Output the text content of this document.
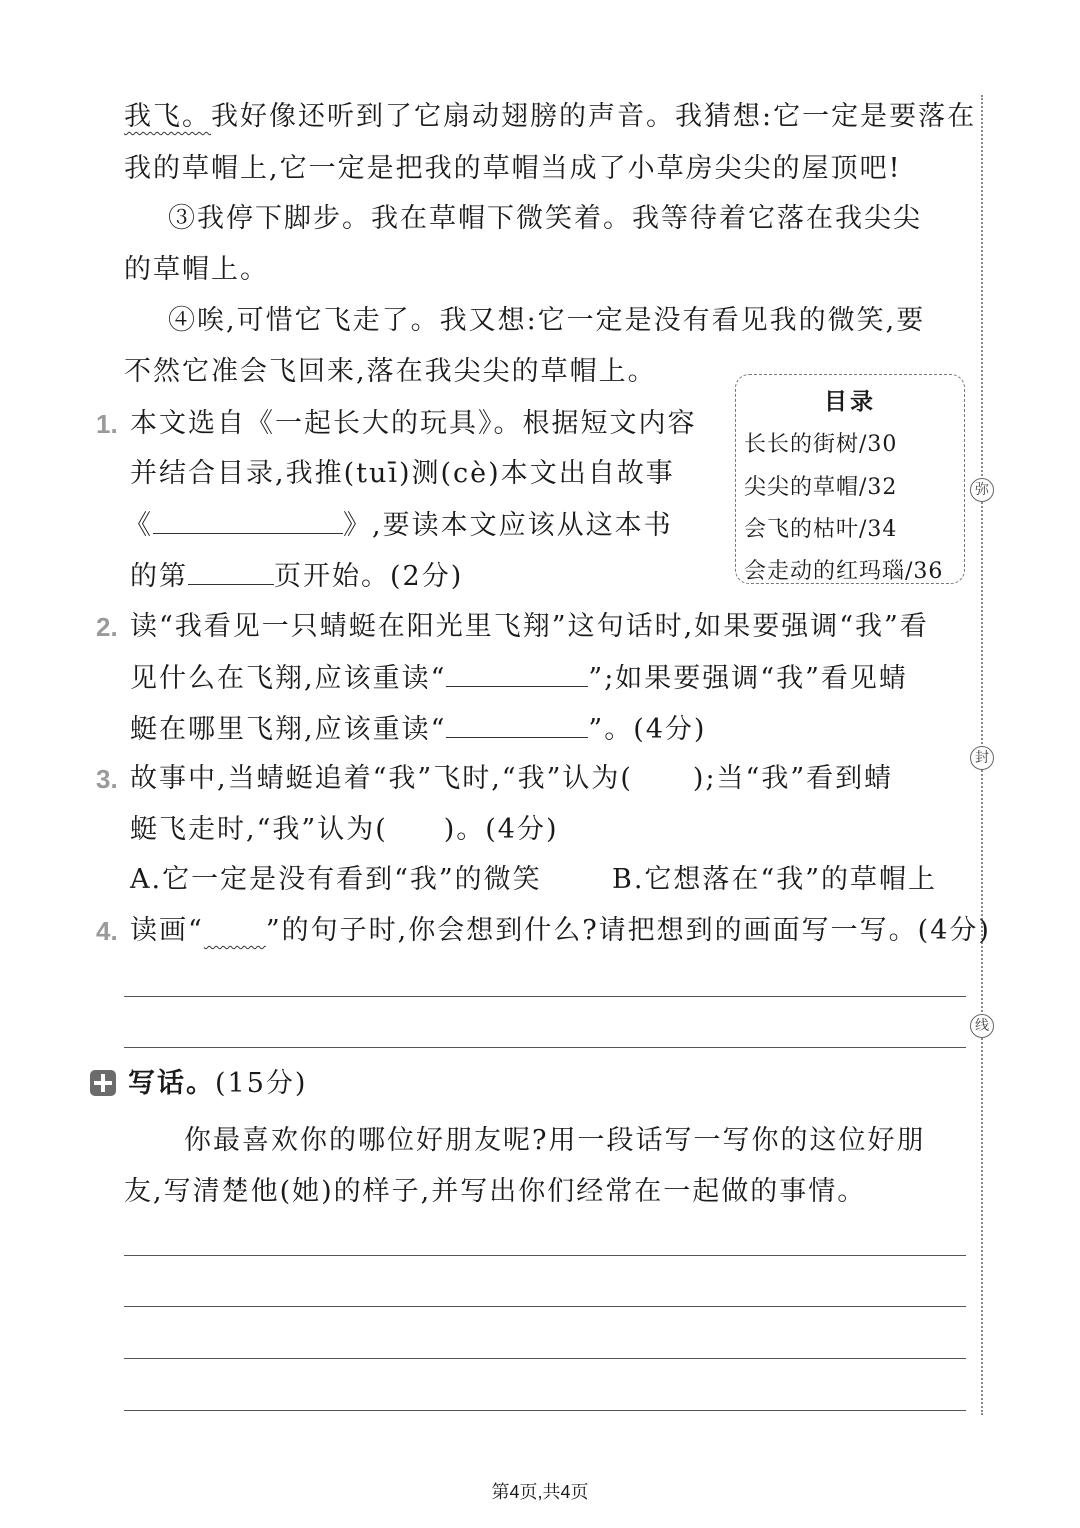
弥
封
线
我飞。我好像还听到了它扇动翅膀的声音。我猜想:它一定是要落在
我的草帽上,它一定是把我的草帽当成了小草房尖尖的屋顶吧!
③我停下脚步。我在草帽下微笑着。我等待着它落在我尖尖
的草帽上。
④唉,可惜它飞走了。我又想:它一定是没有看见我的微笑,要
不然它准会飞回来,落在我尖尖的草帽上。
目录
长长的街树/30
尖尖的草帽/32
会飞的枯叶/34
会走动的红玛瑙/36
1. 本文选自《一起长大的玩具》。根据短文内容
并结合目录,我推(tuī)测(cè)本文出自故事
《	》,要读本文应该从这本书
的第	页开始。(2分)
2. 读“我看见一只蜻蜓在阳光里飞翔”这句话时,如果要强调“我”看
见什么在飞翔,应该重读“	”;如果要强调“我”看见蜻
蜓在哪里飞翔,应该重读“	”。(4分)
3. 故事中,当蜻蜓追着“我”飞时,“我”认为( );当“我”看到蜻
蜓飞走时,“我”认为( )。(4分)
A.它一定是没有看到“我”的微笑	B.它想落在“我”的草帽上
4. 读画“ ”的句子时,你会想到什么?请把想到的画面写一写。(4分)
写话。(15分)
你最喜欢你的哪位好朋友呢?用一段话写一写你的这位好朋
友,写清楚他(她)的样子,并写出你们经常在一起做的事情。
第4页,共4页
